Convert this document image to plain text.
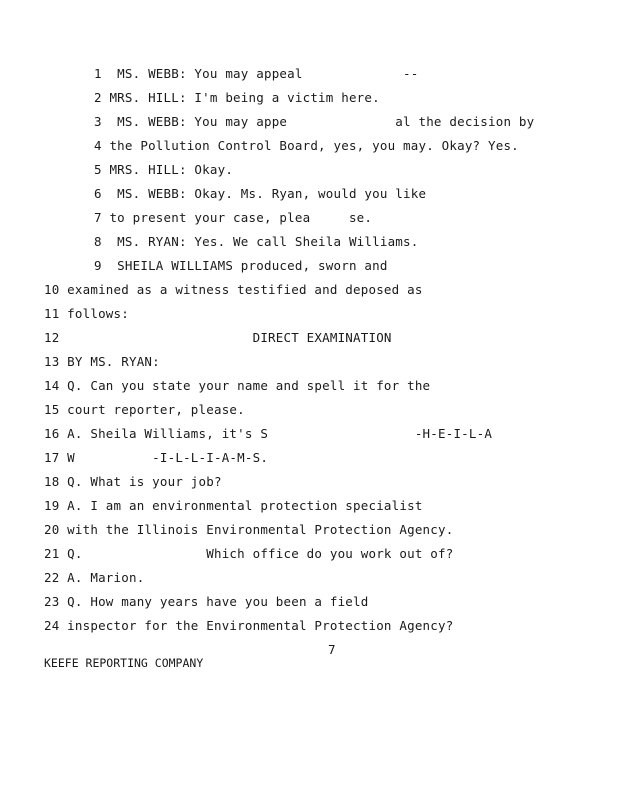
1  MS. WEBB: You may appeal             --
2 MRS. HILL: I'm being a victim here.
3  MS. WEBB: You may appe              al the decision by
4 the Pollution Control Board, yes, you may. Okay? Yes.
5 MRS. HILL: Okay.
6  MS. WEBB: Okay. Ms. Ryan, would you like
7 to present your case, plea     se.
8  MS. RYAN: Yes. We call Sheila Williams.
9  SHEILA WILLIAMS produced, sworn and
10 examined as a witness testified and deposed as
11 follows:
12                         DIRECT EXAMINATION
13 BY MS. RYAN:
14 Q. Can you state your name and spell it for the
15 court reporter, please.
16 A. Sheila Williams, it's S                   -H-E-I-L-A
17 W          -I-L-L-I-A-M-S.
18 Q. What is your job?
19 A. I am an environmental protection specialist
20 with the Illinois Environmental Protection Agency.
21 Q.                Which office do you work out of?
22 A. Marion.
23 Q. How many years have you been a field
24 inspector for the Environmental Protection Agency?
7
KEEFE REPORTING COMPANY
